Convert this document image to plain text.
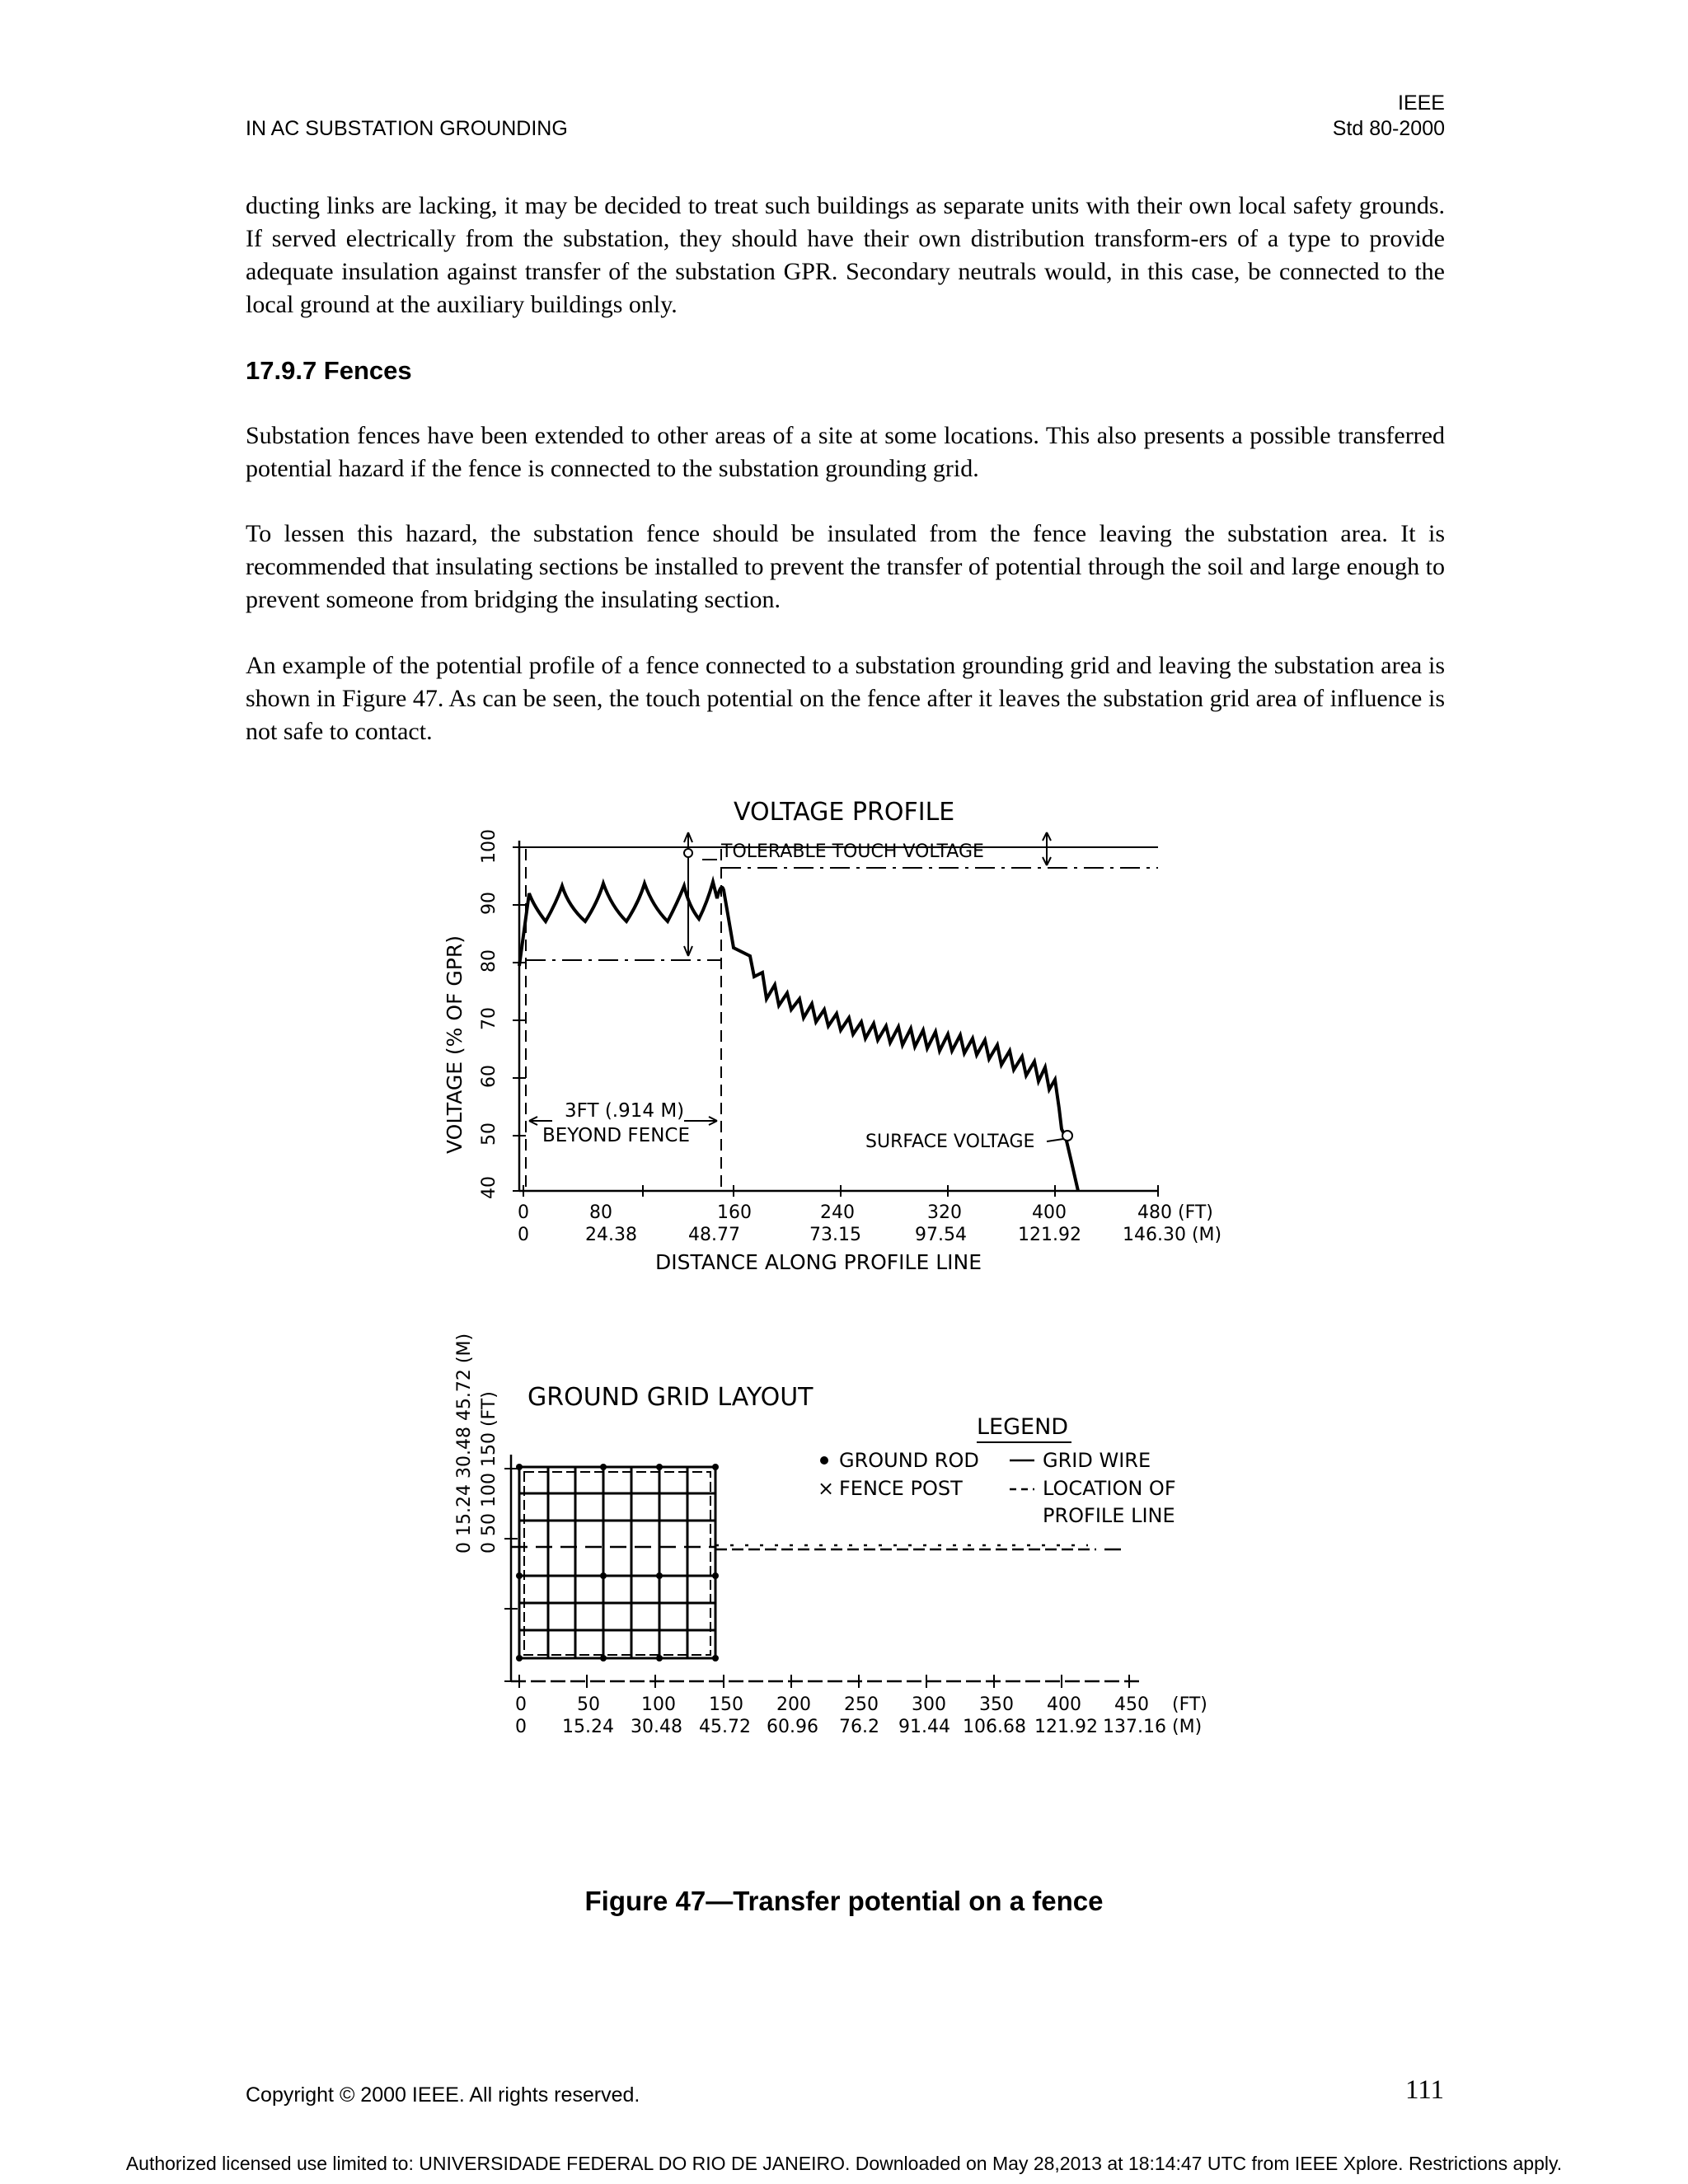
IN AC SUBSTATION GROUNDING
IEEE
Std 80-2000

ducting links are lacking, it may be decided to treat such buildings as separate units with their own local safety grounds. If served electrically from the substation, they should have their own distribution transform-ers of a type to provide adequate insulation against transfer of the substation GPR. Secondary neutrals would, in this case, be connected to the local ground at the auxiliary buildings only.

17.9.7 Fences

Substation fences have been extended to other areas of a site at some locations. This also presents a possible transferred potential hazard if the fence is connected to the substation grounding grid.

To lessen this hazard, the substation fence should be insulated from the fence leaving the substation area. It is recommended that insulating sections be installed to prevent the transfer of potential through the soil and large enough to prevent someone from bridging the insulating section.

An example of the potential profile of a fence connected to a substation grounding grid and leaving the substation area is shown in Figure 47. As can be seen, the touch potential on the fence after it leaves the substation grid area of influence is not safe to contact.

VOLTAGE PROFILE
40
50
60
70
80
90
100
VOLTAGE (% OF GPR)
TOLERABLE TOUCH VOLTAGE
SURFACE VOLTAGE
3FT (.914 M)
BEYOND FENCE
0	80	160	240	320	400	480 (FT)
0	24.38	48.77	73.15	97.54	121.92 146.30 (M)
DISTANCE ALONG PROFILE LINE
GROUND GRID LAYOUT
0 15.24 30.48 45.72 (M) 0 50 100 150 (FT)
0	50 100 150 200 250 300 350 400 450 (FT)
0 15.24 30.48 45.72 60.96 76.2 91.44 106.68 121.92 137.16 (M)
LEGEND
GROUND ROD
× FENCE POST
GRID WIRE
LOCATION OF
PROFILE LINE
Figure 47—Transfer potential on a fence
Copyright © 2000 IEEE. All rights reserved.	111
Authorized licensed use limited to: UNIVERSIDADE FEDERAL DO RIO DE JANEIRO. Downloaded on May 28,2013 at 18:14:47 UTC from IEEE Xplore. Restrictions apply.
